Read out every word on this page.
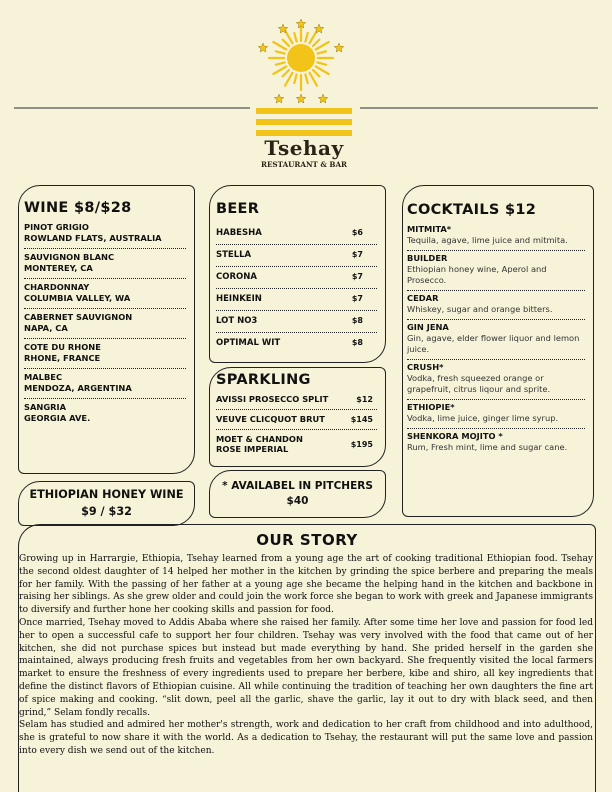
Tsehay
RESTAURANT & BAR
WINE $8/$28
PINOT GRIGIO
ROWLAND FLATS, AUSTRALIA
SAUVIGNON BLANC
MONTEREY, CA
CHARDONNAY
COLUMBIA VALLEY, WA
CABERNET SAUVIGNON
NAPA, CA
COTE DU RHONE
RHONE, FRANCE
MALBEC
MENDOZA, ARGENTINA
SANGRIA
GEORGIA AVE.
ETHIOPIAN HONEY WINE
$9 / $32
BEER
HABESHA	$6
STELLA	$7
CORONA	$7
HEINKEIN	$7
LOT NO3	$8
OPTIMAL WIT	$8
SPARKLING
AVISSI PROSECCO SPLIT	$12
VEUVE CLICQUOT BRUT	$145
MOET & CHANDON
ROSE IMPERIAL	$195
* AVAILABEL IN PITCHERS
$40
COCKTAILS $12
MITMITA*
Tequila, agave, lime juice and mitmita.
BUILDER
Ethiopian honey wine, Aperol and Prosecco.
CEDAR
Whiskey, sugar and orange bitters.
GIN JENA
Gin, agave, elder flower liquor and lemon juice.
CRUSH*
Vodka, fresh squeezed orange or grapefruit, citrus liqour and sprite.
ETHIOPIE*
Vodka, lime juice, ginger lime syrup.
SHENKORA MOJITO *
Rum, Fresh mint, lime and sugar cane.
OUR STORY

Growing up in Harrargie, Ethiopia, Tsehay learned from a young age the art of cooking traditional Ethiopian food. Tsehay the second oldest daughter of 14 helped her mother in the kitchen by grinding the spice berbere and preparing the meals for her family. With the passing of her father at a young age she became the helping hand in the kitchen and backbone in raising her siblings. As she grew older and could join the work force she began to work with greek and Japanese immigrants to diversify and further hone her cooking skills and passion for food.

Once married, Tsehay moved to Addis Ababa where she raised her family. After some time her love and passion for food led her to open a successful cafe to support her four children. Tsehay was very involved with the food that came out of her kitchen, she did not purchase spices but instead but made everything by hand. She prided herself in the garden she maintained, always producing fresh fruits and vegetables from her own backyard. She frequently visited the local farmers market to ensure the freshness of every ingredients used to prepare her berbere, kibe and shiro, all key ingredients that define the distinct flavors of Ethiopian cuisine. All while continuing the tradition of teaching her own daughters the fine art of spice making and cooking. “slit down, peel all the garlic, shave the garlic, lay it out to dry with black seed, and then grind,” Selam fondly recalls.

Selam has studied and admired her mother's strength, work and dedication to her craft from childhood and into adulthood, she is grateful to now share it with the world. As a dedication to Tsehay, the restaurant will put the same love and passion into every dish we send out of the kitchen.
